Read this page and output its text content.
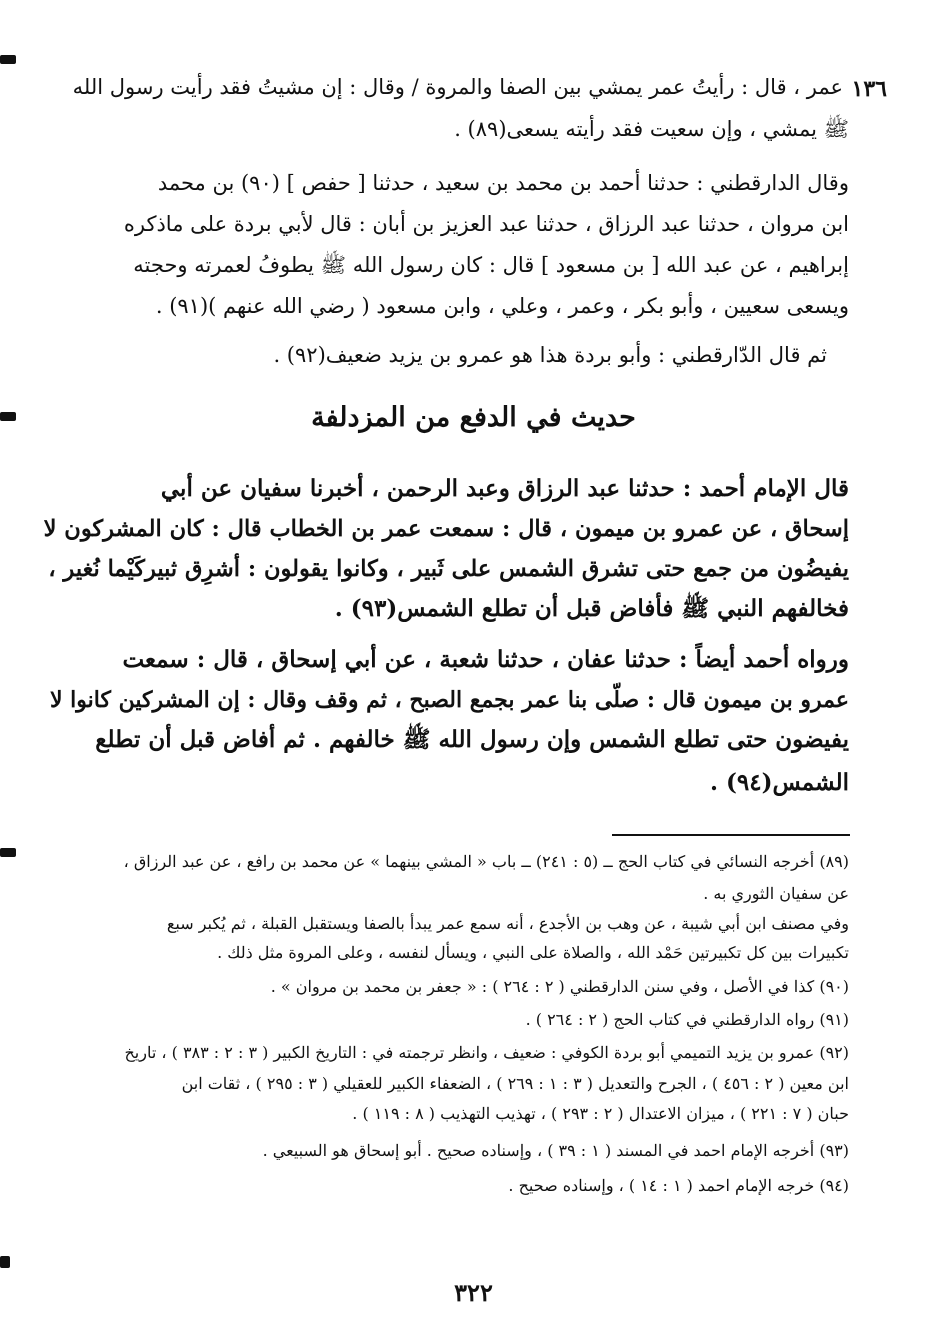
١٣٦
عمر ، قال : رأيتُ عمر يمشي بين الصفا والمروة / وقال : إن مشيتُ فقد رأيت رسول الله
ﷺ يمشي ، وإن سعيت فقد رأيته يسعى(٨٩) .
وقال الدارقطني : حدثنا أحمد بن محمد بن سعيد ، حدثنا [ حفص ] (٩٠) بن محمد
ابن مروان ، حدثنا عبد الرزاق ، حدثنا عبد العزيز بن أبان : قال لأبي بردة على ماذكره
إبراهيم ، عن عبد الله [ بن مسعود ] قال : كان رسول الله ﷺ يطوفُ لعمرته وحجته
ويسعى سعيين ، وأبو بكر ، وعمر ، وعلي ، وابن مسعود ( رضي الله عنهم )(٩١) .
ثم قال الدّارقطني : وأبو بردة هذا هو عمرو بن يزيد ضعيف(٩٢) .
حديث في الدفع من المزدلفة
قال الإمام أحمد : حدثنا عبد الرزاق وعبد الرحمن ، أخبرنا سفيان عن أبي
إسحاق ، عن عمرو بن ميمون ، قال : سمعت عمر بن الخطاب قال : كان المشركون لا
يفيضُون من جمع حتى تشرق الشمس على ثَبير ، وكانوا يقولون : أشرِق ثبيركَيْما نُغير ،
فخالفهم النبي ﷺ فأفاض قبل أن تطلع الشمس(٩٣) .
ورواه أحمد أيضاً : حدثنا عفان ، حدثنا شعبة ، عن أبي إسحاق ، قال : سمعت
عمرو بن ميمون قال : صلّى بنا عمر بجمع الصبح ، ثم وقف وقال : إن المشركين كانوا لا
يفيضون حتى تطلع الشمس وإن رسول الله ﷺ خالفهم . ثم أفاض قبل أن تطلع
الشمس(٩٤) .
(٨٩) أخرجه النسائي في كتاب الحج ــ (٥ : ٢٤١) ــ باب « المشي بينهما » عن محمد بن رافع ، عن عبد الرزاق ،
عن سفيان الثوري به .
وفي مصنف ابن أبي شيبة ، عن وهب بن الأجدع ، أنه سمع عمر يبدأ بالصفا ويستقبل القبلة ، ثم يُكبر سبع
تكبيرات بين كل تكبيرتين حَمْد الله ، والصلاة على النبي ، ويسأل لنفسه ، وعلى المروة مثل ذلك .
(٩٠) كذا في الأصل ، وفي سنن الدارقطني ( ٢ : ٢٦٤ ) : « جعفر بن محمد بن مروان » .
(٩١) رواه الدارقطني في كتاب الحج ( ٢ : ٢٦٤ ) .
(٩٢) عمرو بن يزيد التميمي أبو بردة الكوفي : ضعيف ، وانظر ترجمته في : التاريخ الكبير ( ٣ : ٢ : ٣٨٣ ) ، تاريخ
ابن معين ( ٢ : ٤٥٦ ) ، الجرح والتعديل ( ٣ : ١ : ٢٦٩ ) ، الضعفاء الكبير للعقيلي ( ٣ : ٢٩٥ ) ، ثقات ابن
حبان ( ٧ : ٢٢١ ) ، ميزان الاعتدال ( ٢ : ٢٩٣ ) ، تهذيب التهذيب ( ٨ : ١١٩ ) .
(٩٣) أخرجه الإمام احمد في المسند ( ١ : ٣٩ ) ، وإسناده صحيح . أبو إسحاق هو السبيعي .
(٩٤) خرجه الإمام احمد ( ١ : ١٤ ) ، وإسناده صحيح .
٣٢٢
